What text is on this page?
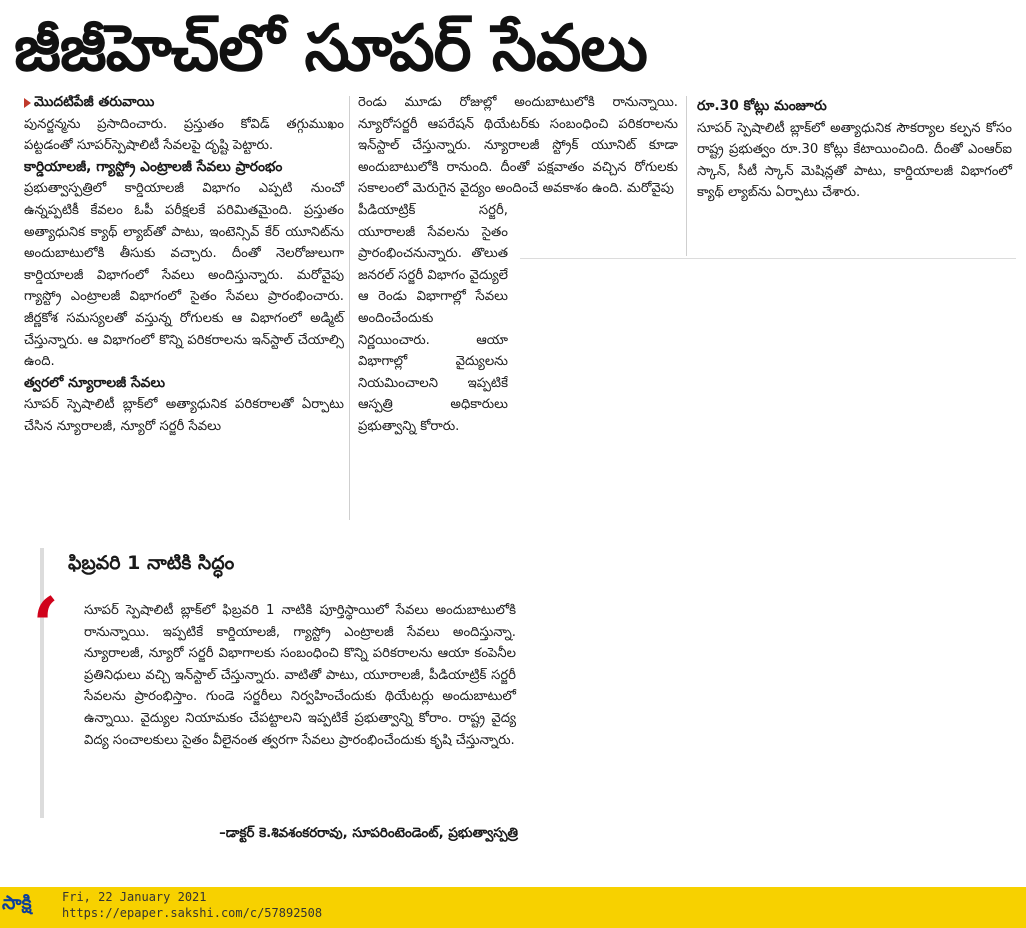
జీజీహెచ్‌లో సూపర్ సేవలు
మొదటిపేజీ తరువాయి

పునర్జన్మను ప్రసాదించారు. ప్రస్తుతం కోవిడ్ తగ్గుముఖం పట్టడంతో సూపర్‌స్పెషాలిటీ సేవలపై దృష్టి పెట్టారు.

కార్డియాలజీ, గ్యాస్ట్రో ఎంట్రాలజీ సేవలు ప్రారంభం

ప్రభుత్వాస్పత్రిలో కార్డియాలజీ విభాగం ఎప్పటి నుంచో ఉన్నప్పటికీ కేవలం ఓపీ పరీక్షలకే పరిమితమైంది. ప్రస్తుతం అత్యాధునిక క్యాథ్ ల్యాబ్‌తో పాటు, ఇంటెన్సివ్ కేర్ యూనిట్‌ను అందుబాటులోకి తీసుకు వచ్చారు. దీంతో నెలరోజులుగా కార్డియాలజీ విభాగంలో సేవలు అందిస్తున్నారు. మరోవైపు గ్యాస్ట్రో ఎంట్రాలజీ విభాగంలో సైతం సేవలు ప్రారంభించారు. జీర్ణకోశ సమస్యలతో వస్తున్న రోగులకు ఆ విభాగంలో అడ్మిట్ చేస్తున్నారు. ఆ విభాగంలో కొన్ని పరికరాలను ఇన్‌స్టాల్ చేయాల్సి ఉంది.

త్వరలో న్యూరాలజీ సేవలు

సూపర్ స్పెషాలిటీ బ్లాక్‌లో అత్యాధునిక పరికరాలతో ఏర్పాటు చేసిన న్యూరాలజీ, న్యూరో సర్జరీ సేవలు

రెండు మూడు రోజుల్లో అందుబాటులోకి రానున్నాయి. న్యూరోసర్జరీ ఆపరేషన్ థియేటర్‌కు సంబంధించి పరికరాలను ఇన్‌స్టాల్ చేస్తున్నారు. న్యూరాలజీ స్ట్రోక్ యూనిట్ కూడా అందుబాటులోకి రానుంది. దీంతో పక్షవాతం వచ్చిన రోగులకు సకాలంలో మెరుగైన వైద్యం అందించే అవకాశం ఉంది. మరోవైపు

పీడియాట్రిక్ సర్జరీ, యూరాలజీ సేవలను సైతం ప్రారంభించనున్నారు. తొలుత జనరల్ సర్జరీ విభాగం వైద్యులే ఆ రెండు విభాగాల్లో సేవలు అందించేందుకు నిర్ణయించారు. ఆయా విభాగాల్లో వైద్యులను నియమించాలని ఇప్పటికే ఆస్పత్రి అధికారులు ప్రభుత్వాన్ని కోరారు.

రూ.30 కోట్లు మంజూరు

సూపర్ స్పెషాలిటీ బ్లాక్‌లో అత్యాధునిక సౌకర్యాల కల్పన కోసం రాష్ట్ర ప్రభుత్వం రూ.30 కోట్లు కేటాయించింది. దీంతో ఎంఆర్‌ఐ స్కాన్, సీటీ స్కాన్ మెషిన్లతో పాటు, కార్డియాలజీ విభాగంలో క్యాథ్ ల్యాబ్‌ను ఏర్పాటు చేశారు.

ఫిబ్రవరి 1 నాటికి సిద్ధం
‘ సూపర్ స్పెషాలిటీ బ్లాక్‌లో ఫిబ్రవరి 1 నాటికి పూర్తిస్థాయిలో సేవలు అందుబాటులోకి రానున్నాయి. ఇప్పటికే కార్డియాలజీ, గ్యాస్ట్రో ఎంట్రాలజీ సేవలు అందిస్తున్నా. న్యూరాలజీ, న్యూరో సర్జరీ విభాగాలకు సంబంధించి కొన్ని పరికరాలను ఆయా కంపెనీల ప్రతినిధులు వచ్చి ఇన్‌స్టాల్ చేస్తున్నారు. వాటితో పాటు, యూరాలజీ, పీడియాట్రిక్ సర్జరీ సేవలను ప్రారంభిస్తాం. గుండె సర్జరీలు నిర్వహించేందుకు థియేటర్లు అందుబాటులో ఉన్నాయి. వైద్యుల నియామకం చేపట్టాలని ఇప్పటికే ప్రభుత్వాన్ని కోరాం. రాష్ట్ర వైద్య విద్య సంచాలకులు సైతం వీలైనంత త్వరగా సేవలు ప్రారంభించేందుకు కృషి చేస్తున్నారు.

–డాక్టర్ కె.శివశంకరరావు, సూపరింటెండెంట్, ప్రభుత్వాస్పత్రి
సాక్షి	Fri, 22 January 2021
https://epaper.sakshi.com/c/57892508
